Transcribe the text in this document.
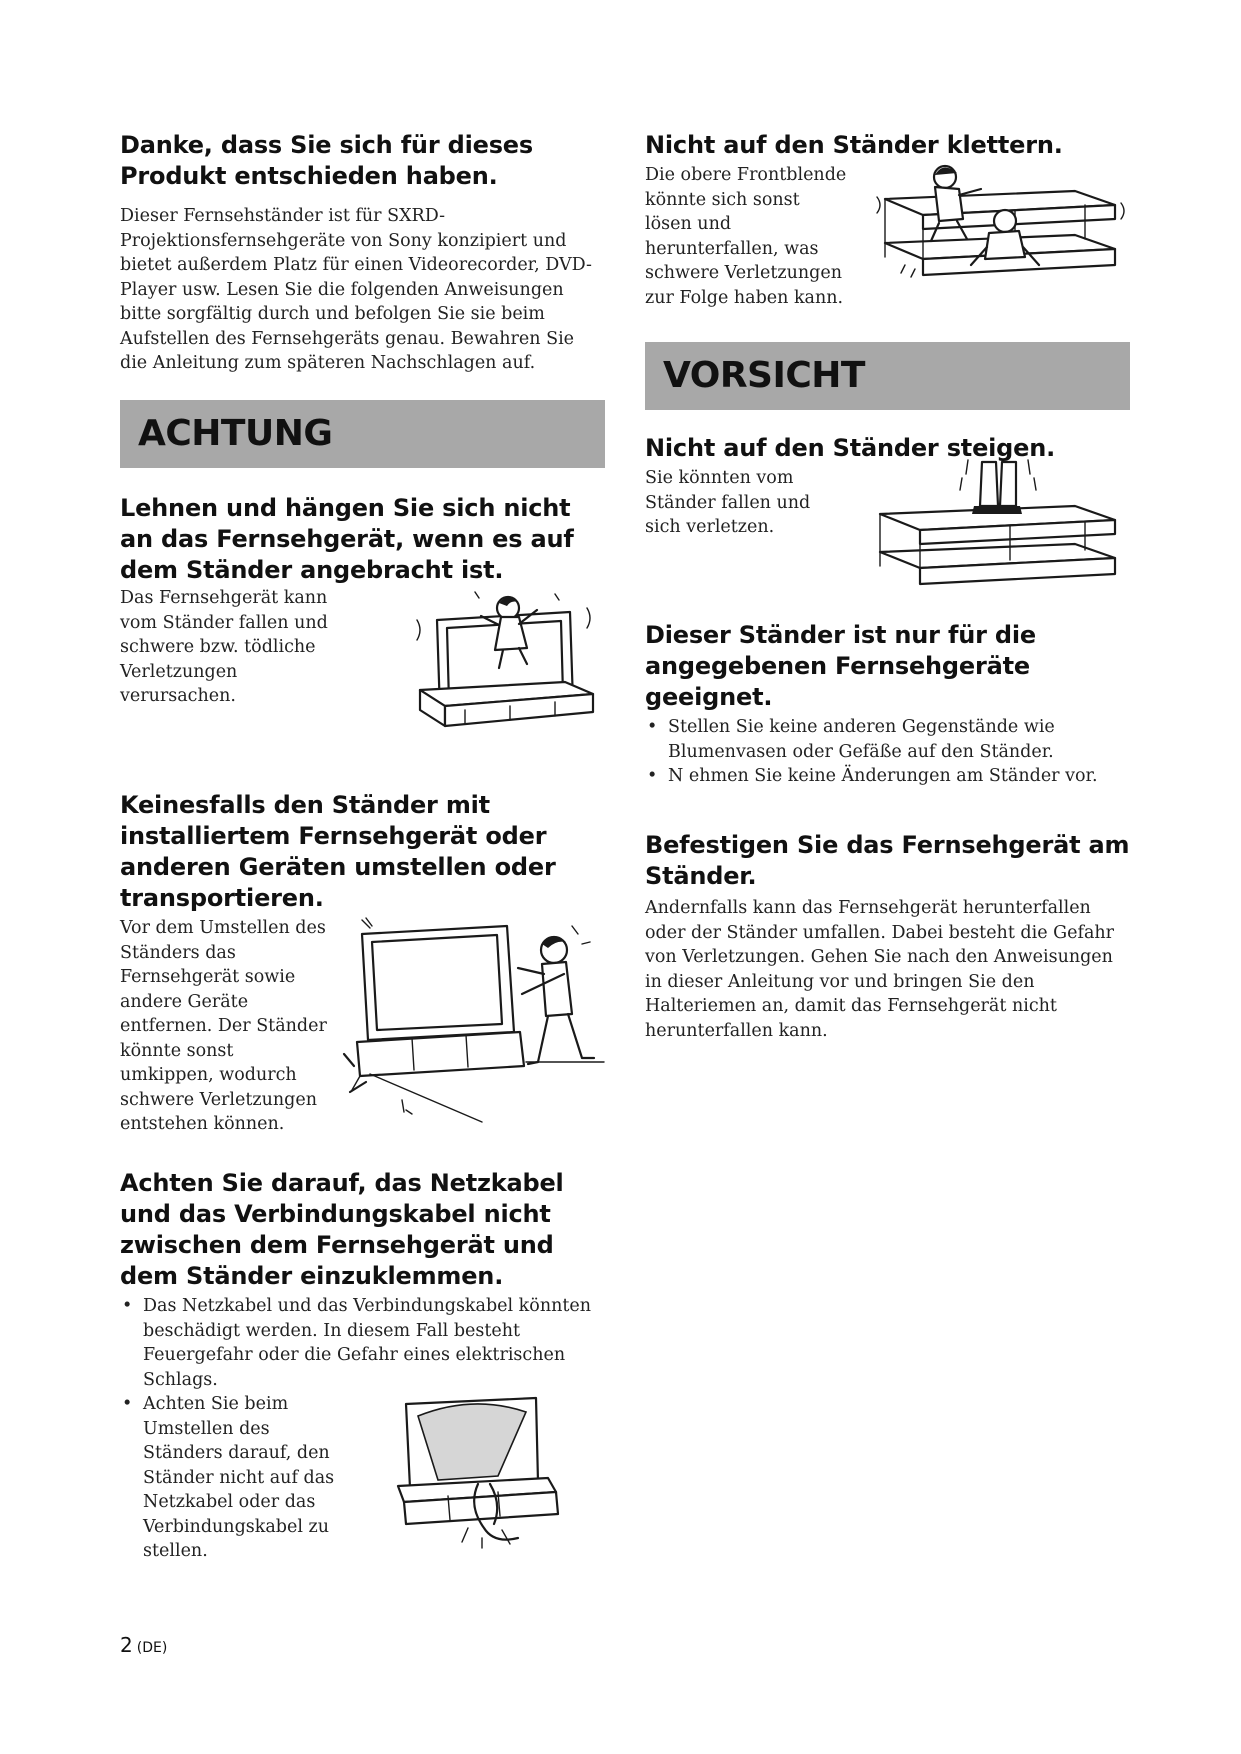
Danke, dass Sie sich für dieses Produkt entschieden haben.

Dieser Fernsehständer ist für SXRD-Projektionsfernsehgeräte von Sony konzipiert und bietet außerdem Platz für einen Videorecorder, DVD-Player usw. Lesen Sie die folgenden Anweisungen bitte sorgfältig durch und befolgen Sie sie beim Aufstellen des Fernsehgeräts genau. Bewahren Sie die Anleitung zum späteren Nachschlagen auf.

ACHTUNG
Lehnen und hängen Sie sich nicht an das Fernsehgerät, wenn es auf dem Ständer angebracht ist.

Das Fernsehgerät kann vom Ständer fallen und schwere bzw. tödliche Verletzungen verursachen.

Keinesfalls den Ständer mit installiertem Fernsehgerät oder anderen Geräten umstellen oder transportieren.

Vor dem Umstellen des Ständers das Fernsehgerät sowie andere Geräte entfernen. Der Ständer könnte sonst umkippen, wodurch schwere Verletzungen entstehen können.

Achten Sie darauf, das Netzkabel und das Verbindungskabel nicht zwischen dem Fernsehgerät und dem Ständer einzuklemmen.
• Das Netzkabel und das Verbindungskabel könnten beschädigt werden. In diesem Fall besteht Feuergefahr oder die Gefahr eines elektrischen Schlags.
• Achten Sie beim Umstellen des Ständers darauf, den Ständer nicht auf das Netzkabel oder das Verbindungskabel zu stellen.
Nicht auf den Ständer klettern.

Die obere Frontblende könnte sich sonst lösen und herunterfallen, was schwere Verletzungen zur Folge haben kann.

VORSICHT
Nicht auf den Ständer steigen.

Sie könnten vom Ständer fallen und sich verletzen.

Dieser Ständer ist nur für die angegebenen Fernsehgeräte geeignet.
• Stellen Sie keine anderen Gegenstände wie Blumenvasen oder Gefäße auf den Ständer.
• N ehmen Sie keine Änderungen am Ständer vor.
Befestigen Sie das Fernsehgerät am Ständer.

Andernfalls kann das Fernsehgerät herunterfallen oder der Ständer umfallen. Dabei besteht die Gefahr von Verletzungen. Gehen Sie nach den Anweisungen in dieser Anleitung vor und bringen Sie den Halteriemen an, damit das Fernsehgerät nicht herunterfallen kann.

2 (DE)
